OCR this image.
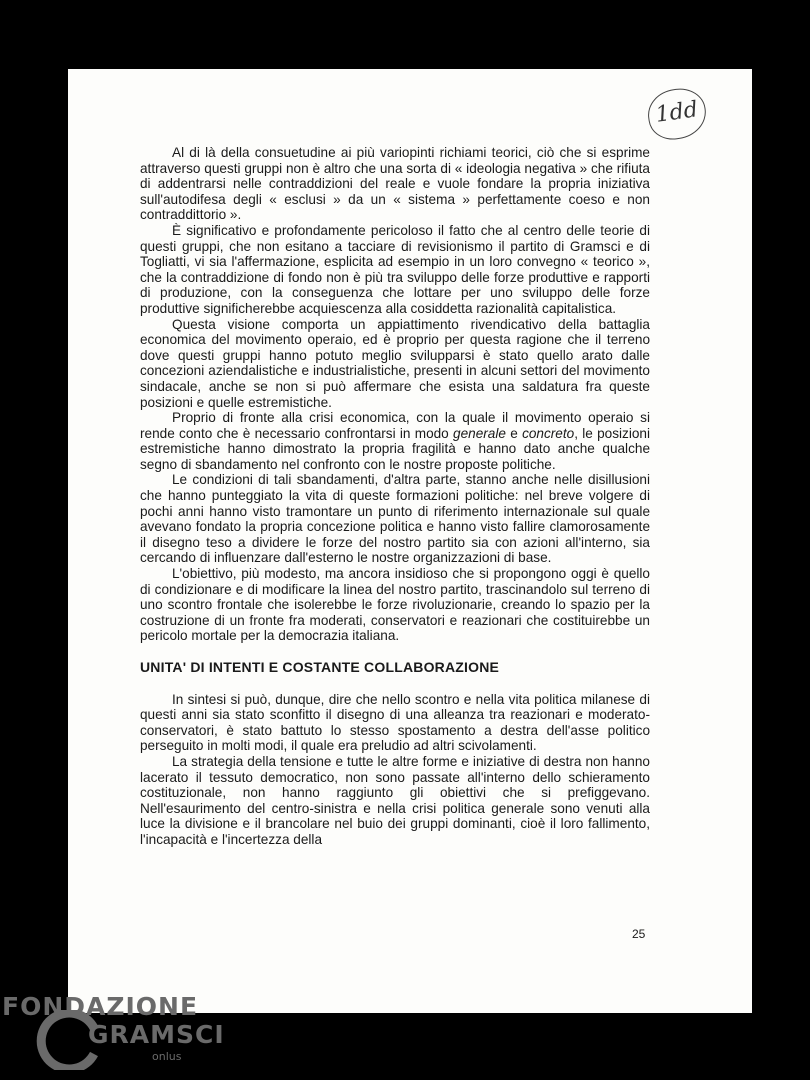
1dd

Al di là della consuetudine ai più variopinti richiami teorici, ciò che si esprime attraverso questi gruppi non è altro che una sorta di « ideologia negativa » che rifiuta di addentrarsi nelle contraddizioni del reale e vuole fondare la propria iniziativa sull'autodifesa degli « esclusi » da un « sistema » perfettamente coeso e non contraddittorio ».

È significativo e profondamente pericoloso il fatto che al centro delle teorie di questi gruppi, che non esitano a tacciare di revisionismo il partito di Gramsci e di Togliatti, vi sia l'affermazione, esplicita ad esempio in un loro convegno « teorico », che la contraddizione di fondo non è più tra sviluppo delle forze produttive e rapporti di produzione, con la conseguenza che lottare per uno sviluppo delle forze produttive significherebbe acquiescenza alla cosiddetta razionalità capitalistica.

Questa visione comporta un appiattimento rivendicativo della battaglia economica del movimento operaio, ed è proprio per questa ragione che il terreno dove questi gruppi hanno potuto meglio svilupparsi è stato quello arato dalle concezioni aziendalistiche e industrialistiche, presenti in alcuni settori del movimento sindacale, anche se non si può affermare che esista una saldatura fra queste posizioni e quelle estremistiche.

Proprio di fronte alla crisi economica, con la quale il movimento operaio si rende conto che è necessario confrontarsi in modo generale e concreto, le posizioni estremistiche hanno dimostrato la propria fragilità e hanno dato anche qualche segno di sbandamento nel confronto con le nostre proposte politiche.

Le condizioni di tali sbandamenti, d'altra parte, stanno anche nelle disillusioni che hanno punteggiato la vita di queste formazioni politiche: nel breve volgere di pochi anni hanno visto tramontare un punto di riferimento internazionale sul quale avevano fondato la propria concezione politica e hanno visto fallire clamorosamente il disegno teso a dividere le forze del nostro partito sia con azioni all'interno, sia cercando di influenzare dall'esterno le nostre organizzazioni di base.

L'obiettivo, più modesto, ma ancora insidioso che si propongono oggi è quello di condizionare e di modificare la linea del nostro partito, trascinandolo sul terreno di uno scontro frontale che isolerebbe le forze rivoluzionarie, creando lo spazio per la costruzione di un fronte fra moderati, conservatori e reazionari che costituirebbe un pericolo mortale per la democrazia italiana.

UNITA' DI INTENTI E COSTANTE COLLABORAZIONE

In sintesi si può, dunque, dire che nello scontro e nella vita politica milanese di questi anni sia stato sconfitto il disegno di una alleanza tra reazionari e moderato-conservatori, è stato battuto lo stesso spostamento a destra dell'asse politico perseguito in molti modi, il quale era preludio ad altri scivolamenti.

La strategia della tensione e tutte le altre forme e iniziative di destra non hanno lacerato il tessuto democratico, non sono passate all'interno dello schieramento costituzionale, non hanno raggiunto gli obiettivi che si prefiggevano. Nell'esaurimento del centro-sinistra e nella crisi politica generale sono venuti alla luce la divisione e il brancolare nel buio dei gruppi dominanti, cioè il loro fallimento, l'incapacità e l'incertezza della

25
FONDAZIONE
GRAMSCI
onlus
